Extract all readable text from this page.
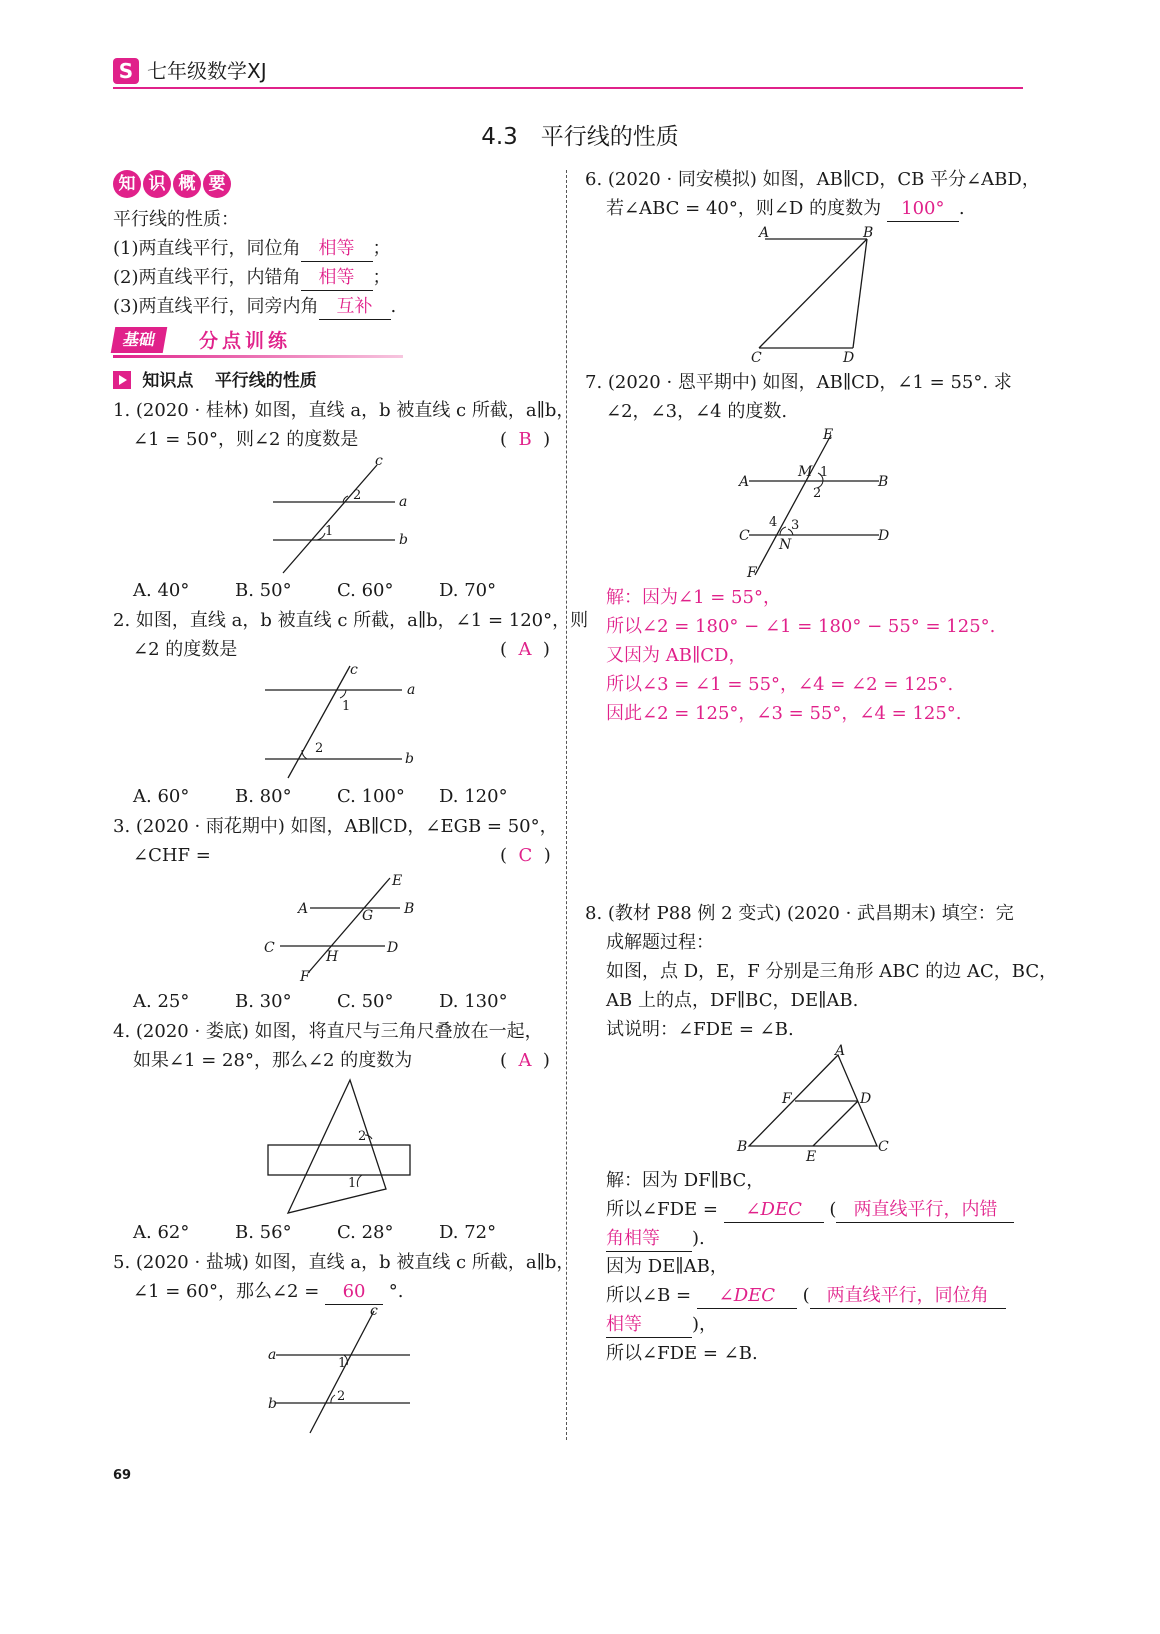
S 七年级数学XJ
4.3　平行线的性质
知 识 概 要
平行线的性质：
(1)两直线平行，同位角 相等 ；
(2)两直线平行，内错角 相等 ；
(3)两直线平行，同旁内角 互补 .
基础	分点训练
知识点 平行线的性质
1. (2020 · 桂林) 如图，直线 a，b 被直线 c 所截，a∥b，
∠1 = 50°，则∠2 的度数是	(  B  )
c
a
b
2
1
A. 40°	B. 50°	C. 60°	D. 70°
2. 如图，直线 a，b 被直线 c 所截，a∥b，∠1 = 120°，则
∠2 的度数是	(  A  )
c
a
b
1
2
A. 60°	B. 80°	C. 100° D. 120°
3. (2020 · 雨花期中) 如图，AB∥CD，∠EGB = 50°，
∠CHF =	(  C  )
E
A	B
G
C	D
H
F
A. 25°	B. 30°	C. 50°	D. 130°
4. (2020 · 娄底) 如图，将直尺与三角尺叠放在一起，
如果∠1 = 28°，那么∠2 的度数为	(  A  )
2
1
A. 62°	B. 56°	C. 28°	D. 72°
5. (2020 · 盐城) 如图，直线 a，b 被直线 c 所截，a∥b，
∠1 = 60°，那么∠2 = 60 °.
c
a
b
1
2
6. (2020 · 同安模拟) 如图，AB∥CD，CB 平分∠ABD，
若∠ABC = 40°，则∠D 的度数为 100° .
A	B
C	D
7. (2020 · 恩平期中) 如图，AB∥CD，∠1 = 55°. 求
∠2，∠3，∠4 的度数.
E
A	B
M 1
2
C	D
4 3
N
F
解：因为∠1 = 55°，
所以∠2 = 180° − ∠1 = 180° − 55° = 125°.
又因为 AB∥CD，
所以∠3 = ∠1 = 55°，∠4 = ∠2 = 125°.
因此∠2 = 125°，∠3 = 55°，∠4 = 125°.
8. (教材 P88 例 2 变式) (2020 · 武昌期末) 填空：完
成解题过程：
如图，点 D，E，F 分别是三角形 ABC 的边 AC，BC，
AB 上的点，DF∥BC，DE∥AB.
试说明：∠FDE = ∠B.
A
F	D
B
E
C
解：因为 DF∥BC，
所以∠FDE = ∠DEC ( 两直线平行，内错
角相等 ).
因为 DE∥AB，
所以∠B = ∠DEC ( 两直线平行，同位角
相等	)，
所以∠FDE = ∠B.
69
